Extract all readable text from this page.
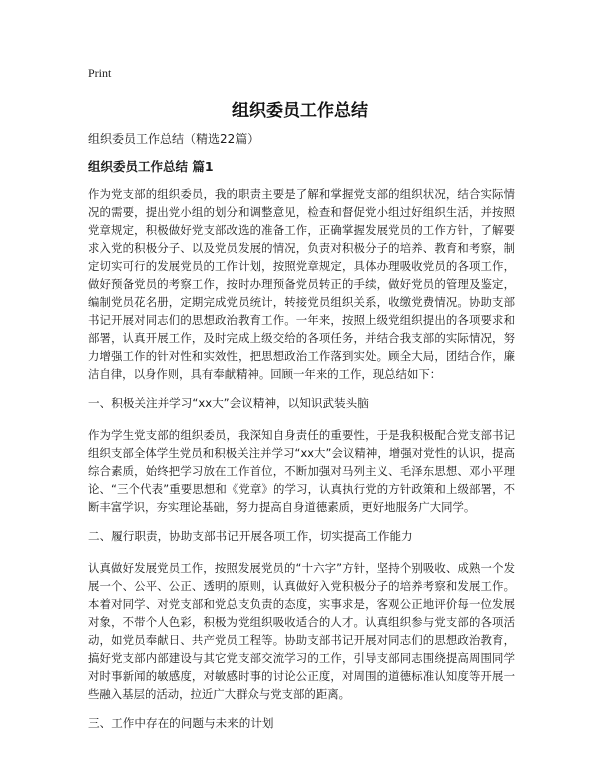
Print
组织委员工作总结
组织委员工作总结（精选22篇）
组织委员工作总结 篇1

作为党支部的组织委员，我的职责主要是了解和掌握党支部的组织状况，结合实际情况的需要，提出党小组的划分和调整意见，检查和督促党小组过好组织生活，并按照党章规定，积极做好党支部改选的准备工作，正确掌握发展党员的工作方针，了解要求入党的积极分子、以及党员发展的情况，负责对积极分子的培养、教育和考察，制定切实可行的发展党员的工作计划，按照党章规定，具体办理吸收党员的各项工作，做好预备党员的考察工作，按时办理预备党员转正的手续，做好党员的管理及鉴定，编制党员花名册，定期完成党员统计，转接党员组织关系，收缴党费情况。协助支部书记开展对同志们的思想政治教育工作。一年来，按照上级党组织提出的各项要求和部署，认真开展工作，及时完成上级交给的各项任务，并结合我支部的实际情况，努力增强工作的针对性和实效性，把思想政治工作落到实处。顾全大局，团结合作，廉洁自律，以身作则，具有奉献精神。回顾一年来的工作，现总结如下：

一、积极关注并学习“xx大”会议精神，以知识武装头脑

作为学生党支部的组织委员，我深知自身责任的重要性，于是我积极配合党支部书记组织支部全体学生党员和积极关注并学习“xx大”会议精神，增强对党性的认识，提高综合素质，始终把学习放在工作首位，不断加强对马列主义、毛泽东思想、邓小平理论、“三个代表”重要思想和《党章》的学习，认真执行党的方针政策和上级部署，不断丰富学识，夯实理论基础，努力提高自身道德素质，更好地服务广大同学。

二、履行职责，协助支部书记开展各项工作，切实提高工作能力

认真做好发展党员工作，按照发展党员的“十六字”方针，坚持个别吸收、成熟一个发展一个、公平、公正、透明的原则，认真做好入党积极分子的培养考察和发展工作。本着对同学、对党支部和党总支负责的态度，实事求是，客观公正地评价每一位发展对象，不带个人色彩，积极为党组织吸收适合的人才。认真组织参与党支部的各项活动，如党员奉献日、共产党员工程等。协助支部书记开展对同志们的思想政治教育，搞好党支部内部建设与其它党支部交流学习的工作，引导支部同志围绕提高周围同学对时事新闻的敏感度，对敏感时事的讨论公正度，对周围的道德标准认知度等开展一些融入基层的活动，拉近广大群众与党支部的距离。

三、工作中存在的问题与未来的计划
